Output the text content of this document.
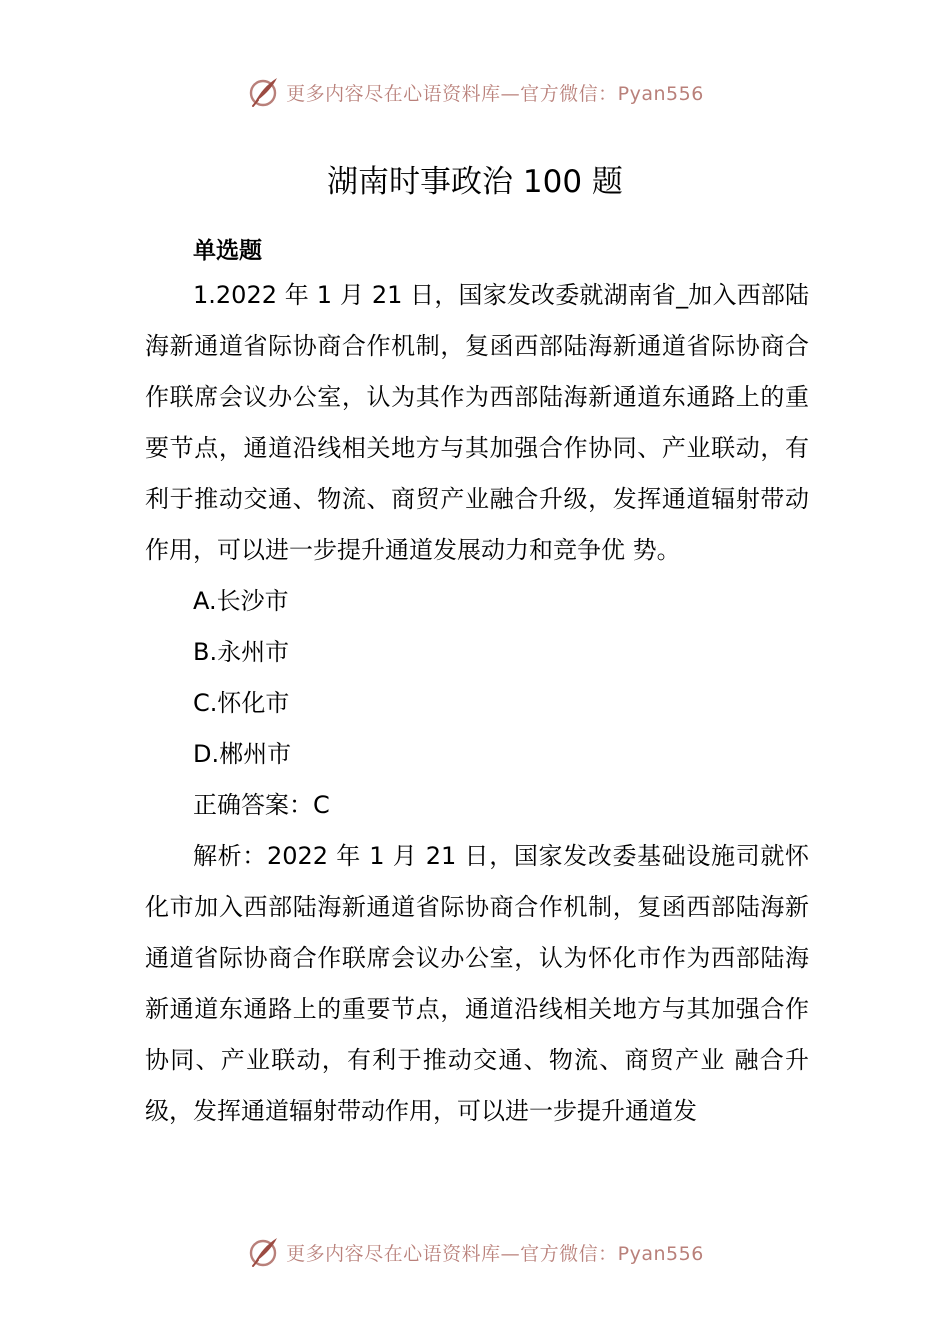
更多内容尽在心语资料库—官方微信：Pyan556
湖南时事政治 100 题
单选题

1.2022 年 1 月 21 日，国家发改委就湖南省_加入西部陆海新通道省际协商合作机制，复函西部陆海新通道省际协商合作联席会议办公室，认为其作为西部陆海新通道东通路上的重要节点，通道沿线相关地方与其加强合作协同、产业联动，有利于推动交通、物流、商贸产业融合升级，发挥通道辐射带动作用，可以进一步提升通道发展动力和竞争优 势。

A.长沙市

B.永州市

C.怀化市

D.郴州市

正确答案：C

解析：2022 年 1 月 21 日，国家发改委基础设施司就怀化市加入西部陆海新通道省际协商合作机制，复函西部陆海新通道省际协商合作联席会议办公室，认为怀化市作为西部陆海新通道东通路上的重要节点，通道沿线相关地方与其加强合作协同、产业联动，有利于推动交通、物流、商贸产业 融合升级，发挥通道辐射带动作用，可以进一步提升通道发

更多内容尽在心语资料库—官方微信：Pyan556
